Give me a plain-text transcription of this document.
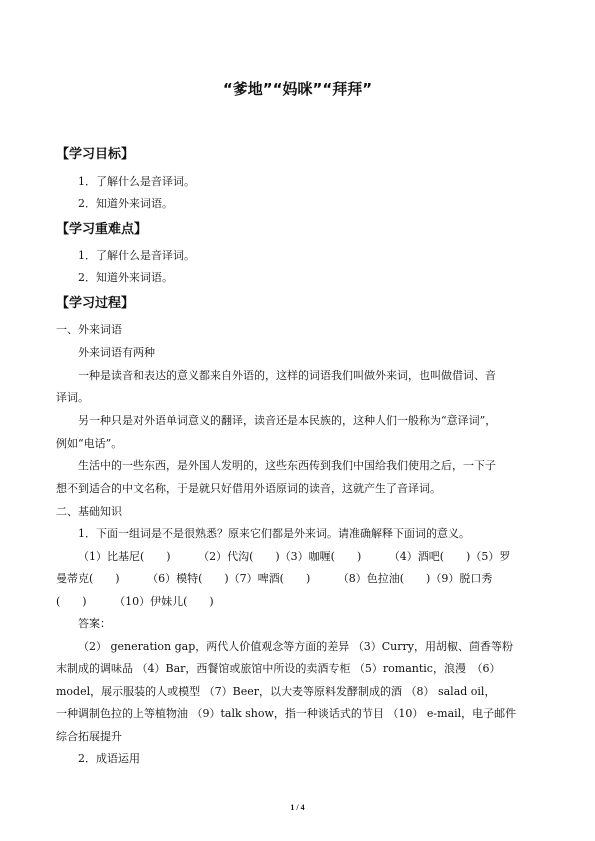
“爹地”“妈咪”“拜拜”
【学习目标】
1．了解什么是音译词。
2．知道外来词语。
【学习重难点】
1．了解什么是音译词。
2．知道外来词语。
【学习过程】
一、外来词语
外来词语有两种
一种是读音和表达的意义都来自外语的，这样的词语我们叫做外来词，也叫做借词、音
译词。
另一种只是对外语单词意义的翻译，读音还是本民族的，这种人们一般称为“意译词”，
例如“电话”。
生活中的一些东西，是外国人发明的，这些东西传到我们中国给我们使用之后，一下子
想不到适合的中文名称，于是就只好借用外语原词的读音，这就产生了音译词。
二、基础知识
1．下面一组词是不是很熟悉？原来它们都是外来词。请准确解释下面词的意义。
（1）比基尼(　　)　　　（2）代沟(　　)（3）咖喱(　　)　　　（4）酒吧(　　)（5）罗
曼蒂克(　　)　　　（6）模特(　　)（7）啤酒(　　)　　　（8）色拉油(　　)（9）脱口秀
(　　)　　　（10）伊妹儿(　　)
答案：
（2） generation gap，两代人价值观念等方面的差异 （3）Curry，用胡椒、茴香等粉
末制成的调味品 （4）Bar，西餐馆或旅馆中所设的卖酒专柜 （5）romantic，浪漫　（6）
model，展示服装的人或模型 （7）Beer，以大麦等原料发酵制成的酒 （8） salad oil，
一种调制色拉的上等植物油 （9）talk show，指一种谈话式的节目 （10） e-mail，电子邮件
综合拓展提升
2．成语运用
1 / 4
